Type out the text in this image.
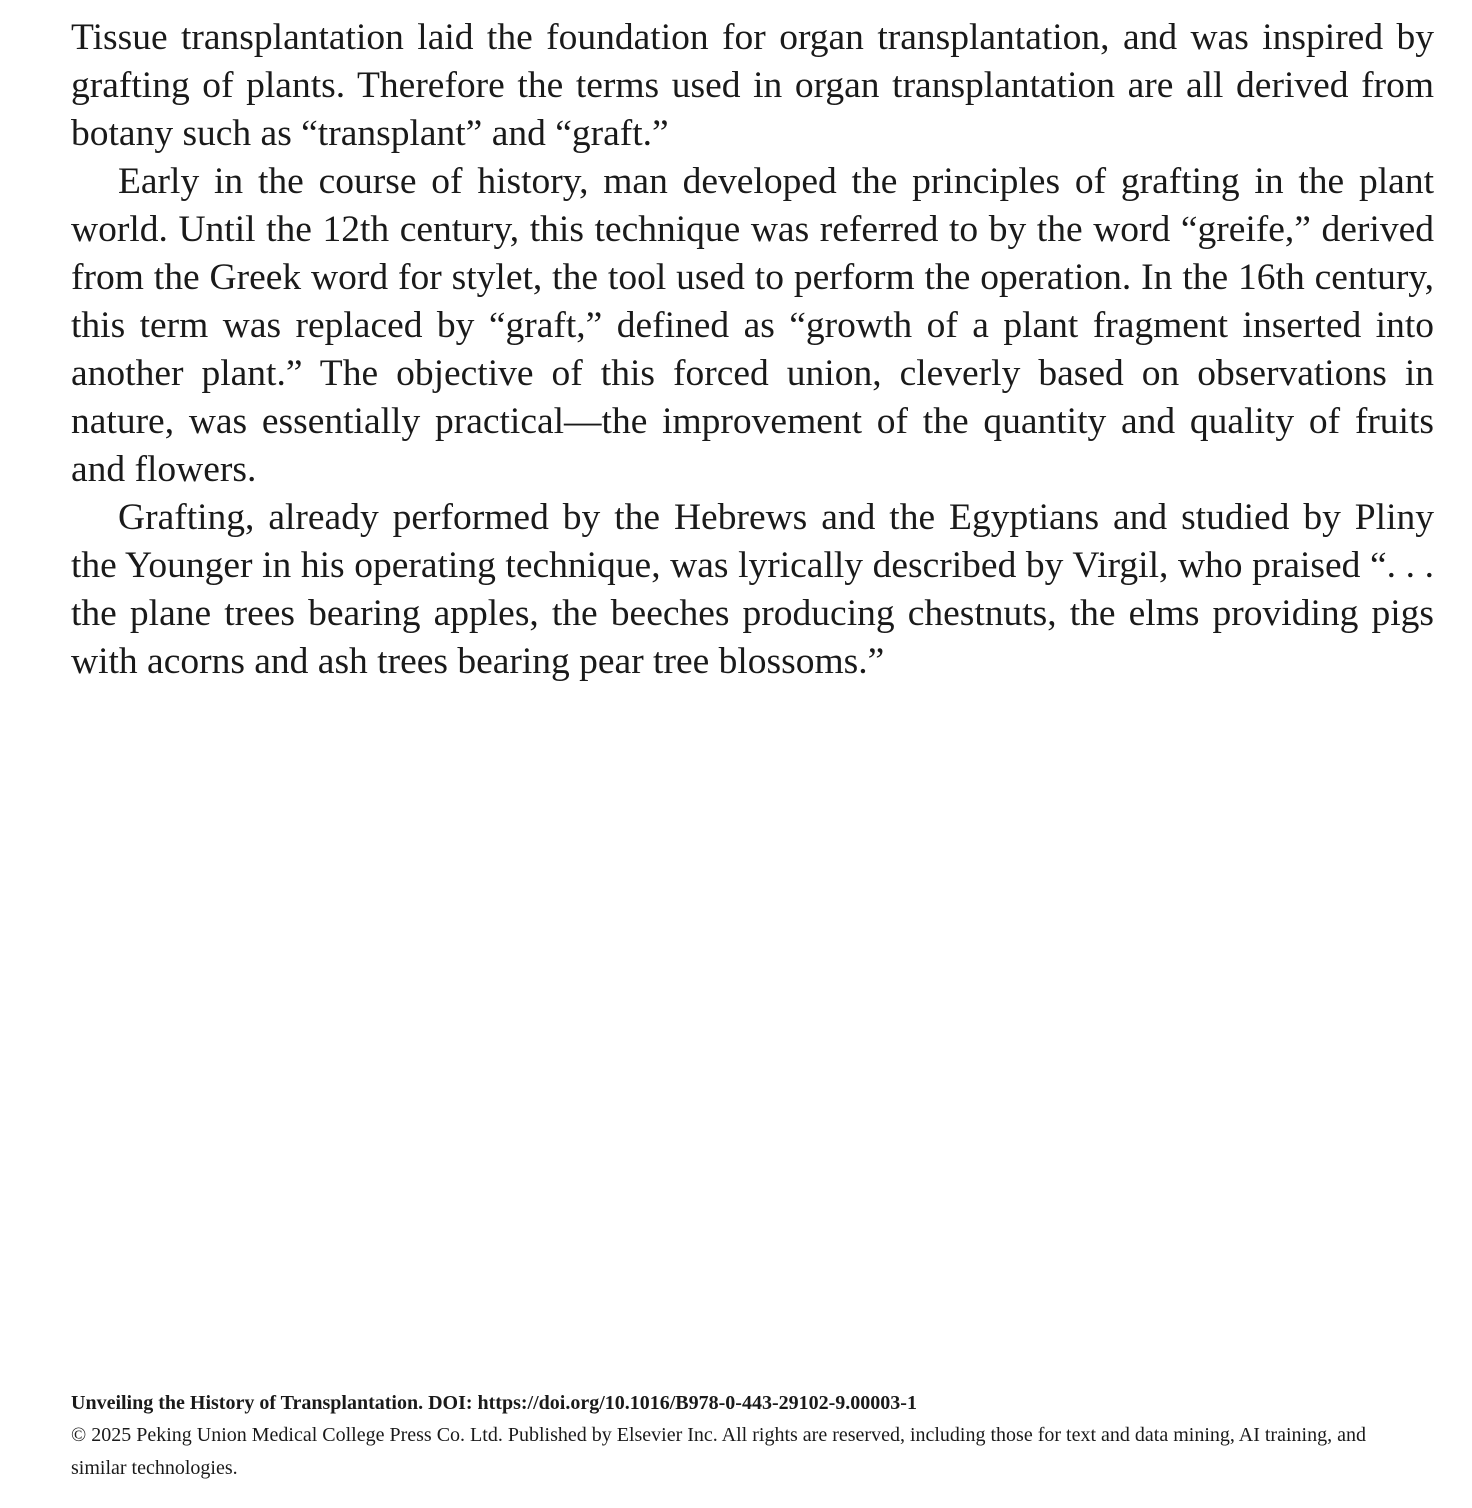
Tissue transplantation laid the foundation for organ transplantation, and was inspired by grafting of plants. Therefore the terms used in organ transplantation are all derived from botany such as “transplant” and “graft.”

Early in the course of history, man developed the principles of grafting in the plant world. Until the 12th century, this technique was referred to by the word “greife,” derived from the Greek word for stylet, the tool used to perform the operation. In the 16th century, this term was replaced by “graft,” defined as “growth of a plant fragment inserted into another plant.” The objective of this forced union, cleverly based on observations in nature, was essentially practical—the improvement of the quantity and quality of fruits and flowers.

Grafting, already performed by the Hebrews and the Egyptians and studied by Pliny the Younger in his operating technique, was lyrically described by Virgil, who praised “. . . the plane trees bearing apples, the beeches producing chestnuts, the elms providing pigs with acorns and ash trees bearing pear tree blossoms.”

Unveiling the History of Transplantation. DOI: https://doi.org/10.1016/B978-0-443-29102-9.00003-1

© 2025 Peking Union Medical College Press Co. Ltd. Published by Elsevier Inc. All rights are reserved, including those for text and data mining, AI training, and similar technologies.
